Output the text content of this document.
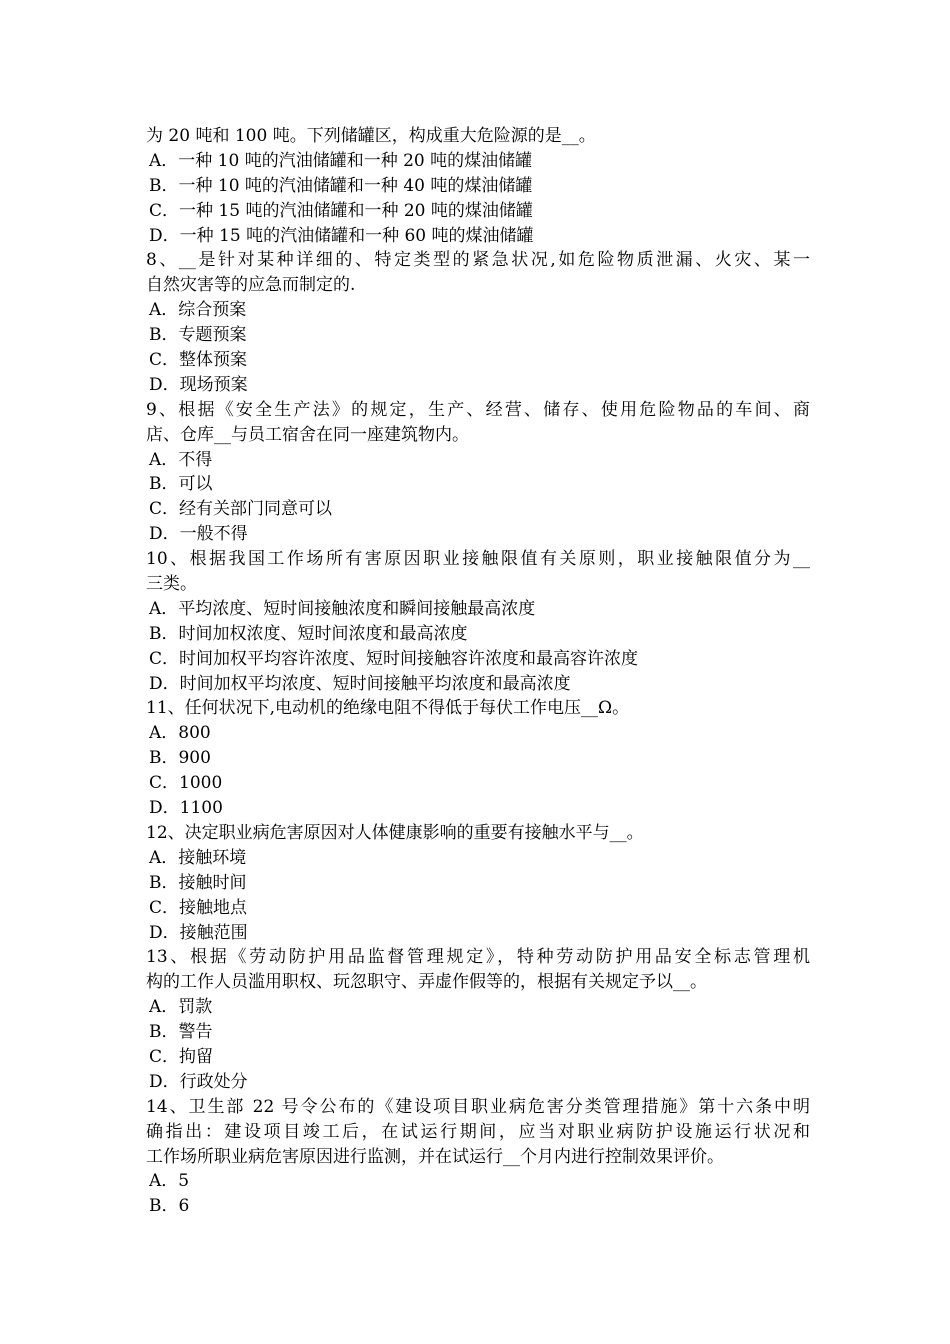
为 20 吨和 100 吨。下列储罐区，构成重大危险源的是__。
A．一种 10 吨的汽油储罐和一种 20 吨的煤油储罐
B．一种 10 吨的汽油储罐和一种 40 吨的煤油储罐
C．一种 15 吨的汽油储罐和一种 20 吨的煤油储罐
D．一种 15 吨的汽油储罐和一种 60 吨的煤油储罐
8、__是针对某种详细的、特定类型的紧急状况,如危险物质泄漏、火灾、某一
自然灾害等的应急而制定的.
A．综合预案
B．专题预案
C．整体预案
D．现场预案
9、根据《安全生产法》的规定，生产、经营、储存、使用危险物品的车间、商
店、仓库__与员工宿舍在同一座建筑物内。
A．不得
B．可以
C．经有关部门同意可以
D．一般不得
10、根据我国工作场所有害原因职业接触限值有关原则，职业接触限值分为__
三类。
A．平均浓度、短时间接触浓度和瞬间接触最高浓度
B．时间加权浓度、短时间浓度和最高浓度
C．时间加权平均容许浓度、短时间接触容许浓度和最高容许浓度
D．时间加权平均浓度、短时间接触平均浓度和最高浓度
11、任何状况下,电动机的绝缘电阻不得低于每伏工作电压__Ω。
A．800
B．900
C．1000
D．1100
12、决定职业病危害原因对人体健康影响的重要有接触水平与__。
A．接触环境
B．接触时间
C．接触地点
D．接触范围
13、根据《劳动防护用品监督管理规定》，特种劳动防护用品安全标志管理机
构的工作人员滥用职权、玩忽职守、弄虚作假等的，根据有关规定予以__。
A．罚款
B．警告
C．拘留
D．行政处分
14、卫生部 22 号令公布的《建设项目职业病危害分类管理措施》第十六条中明
确指出：建设项目竣工后，在试运行期间，应当对职业病防护设施运行状况和
工作场所职业病危害原因进行监测，并在试运行__个月内进行控制效果评价。
A．5
B．6
